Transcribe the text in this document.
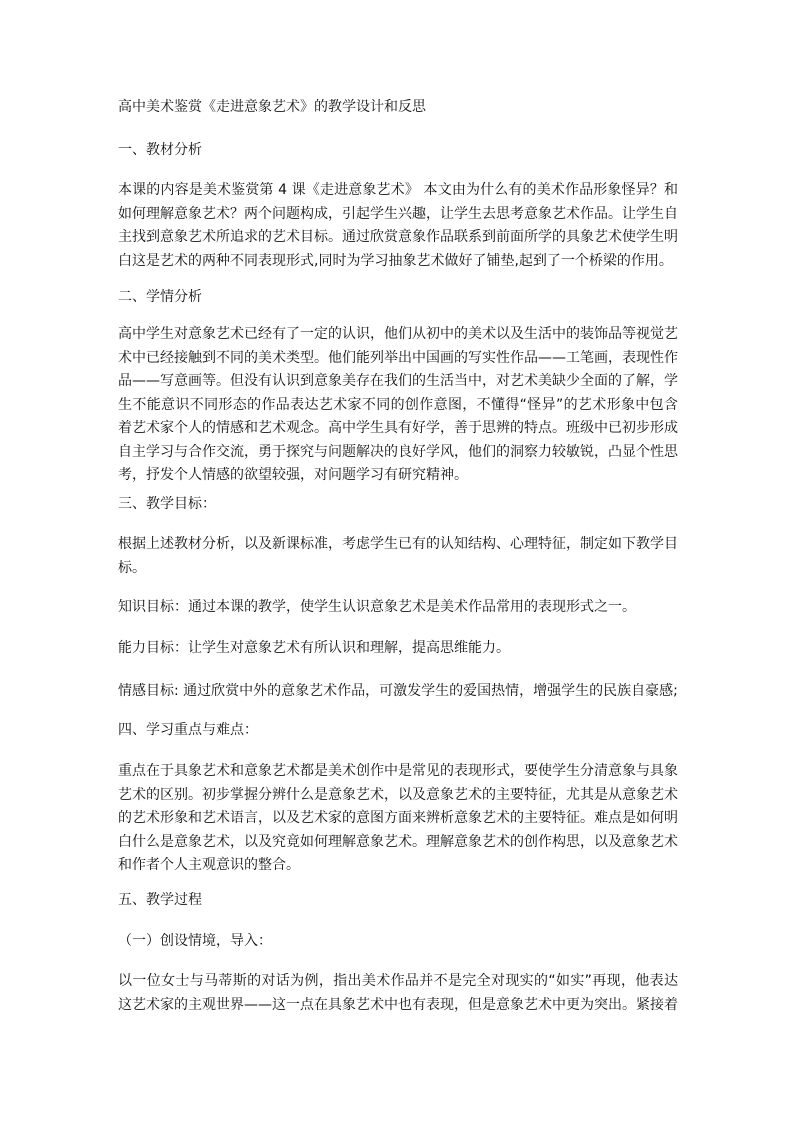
高中美术鉴赏《走进意象艺术》的教学设计和反思
一、教材分析
本课的内容是美术鉴赏第 4 课《走进意象艺术》 本文由为什么有的美术作品形象怪异？和如何理解意象艺术？两个问题构成，引起学生兴趣，让学生去思考意象艺术作品。让学生自主找到意象艺术所追求的艺术目标。通过欣赏意象作品联系到前面所学的具象艺术使学生明白这是艺术的两种不同表现形式,同时为学习抽象艺术做好了铺垫,起到了一个桥梁的作用。
二、学情分析
高中学生对意象艺术已经有了一定的认识，他们从初中的美术以及生活中的装饰品等视觉艺术中已经接触到不同的美术类型。他们能列举出中国画的写实性作品——工笔画，表现性作品——写意画等。但没有认识到意象美存在我们的生活当中，对艺术美缺少全面的了解，学生不能意识不同形态的作品表达艺术家不同的创作意图，不懂得“怪异”的艺术形象中包含着艺术家个人的情感和艺术观念。高中学生具有好学，善于思辨的特点。班级中已初步形成自主学习与合作交流，勇于探究与问题解决的良好学风，他们的洞察力较敏锐，凸显个性思考，抒发个人情感的欲望较强，对问题学习有研究精神。
三、教学目标：
根据上述教材分析，以及新课标准，考虑学生已有的认知结构、心理特征，制定如下教学目标。
知识目标：通过本课的教学，使学生认识意象艺术是美术作品常用的表现形式之一。
能力目标：让学生对意象艺术有所认识和理解，提高思维能力。
情感目标: 通过欣赏中外的意象艺术作品，可激发学生的爱国热情，增强学生的民族自豪感;
四、学习重点与难点：
重点在于具象艺术和意象艺术都是美术创作中是常见的表现形式，要使学生分清意象与具象艺术的区别。初步掌握分辨什么是意象艺术，以及意象艺术的主要特征，尤其是从意象艺术的艺术形象和艺术语言，以及艺术家的意图方面来辨析意象艺术的主要特征。难点是如何明白什么是意象艺术，以及究竟如何理解意象艺术。理解意象艺术的创作构思，以及意象艺术和作者个人主观意识的整合。
五、教学过程
（一）创设情境，导入：
以一位女士与马蒂斯的对话为例，指出美术作品并不是完全对现实的“如实”再现，他表达这艺术家的主观世界——这一点在具象艺术中也有表现，但是意象艺术中更为突出。紧接着
